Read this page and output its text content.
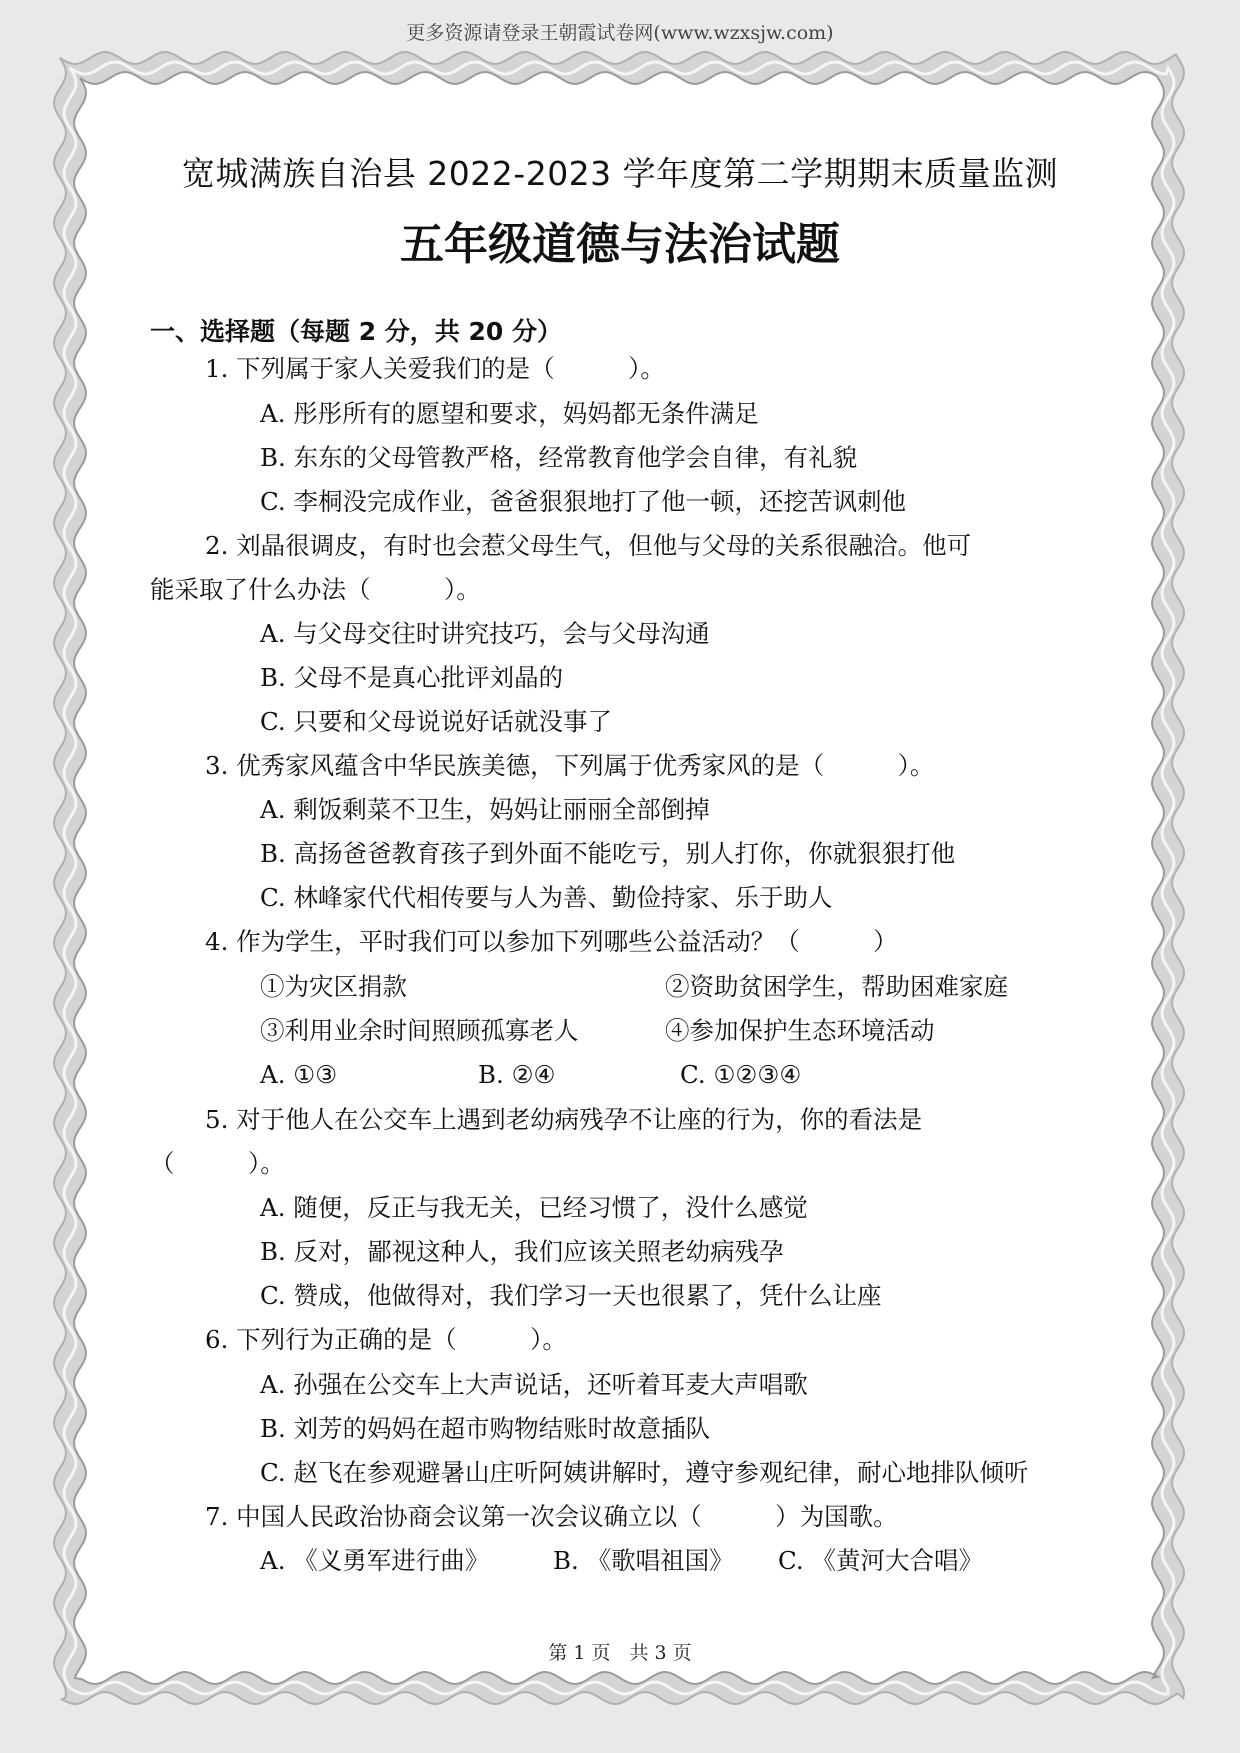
更多资源请登录王朝霞试卷网(www.wzxsjw.com)
宽城满族自治县 2022-2023 学年度第二学期期末质量监测
五年级道德与法治试题
一、选择题（每题 2 分，共 20 分）
1. 下列属于家人关爱我们的是（　　　）。
A. 彤彤所有的愿望和要求，妈妈都无条件满足
B. 东东的父母管教严格，经常教育他学会自律，有礼貌
C. 李桐没完成作业，爸爸狠狠地打了他一顿，还挖苦讽刺他
2. 刘晶很调皮，有时也会惹父母生气，但他与父母的关系很融洽。他可
能采取了什么办法（　　　）。
A. 与父母交往时讲究技巧，会与父母沟通
B. 父母不是真心批评刘晶的
C. 只要和父母说说好话就没事了
3. 优秀家风蕴含中华民族美德，下列属于优秀家风的是（　　　）。
A. 剩饭剩菜不卫生，妈妈让丽丽全部倒掉
B. 高扬爸爸教育孩子到外面不能吃亏，别人打你，你就狠狠打他
C. 林峰家代代相传要与人为善、勤俭持家、乐于助人
4. 作为学生，平时我们可以参加下列哪些公益活动？（　　　）
①为灾区捐款	②资助贫困学生，帮助困难家庭
③利用业余时间照顾孤寡老人	④参加保护生态环境活动
A. ①③	B. ②④	C. ①②③④
5. 对于他人在公交车上遇到老幼病残孕不让座的行为，你的看法是
（　　　）。
A. 随便，反正与我无关，已经习惯了，没什么感觉
B. 反对，鄙视这种人，我们应该关照老幼病残孕
C. 赞成，他做得对，我们学习一天也很累了，凭什么让座
6. 下列行为正确的是（　　　）。
A. 孙强在公交车上大声说话，还听着耳麦大声唱歌
B. 刘芳的妈妈在超市购物结账时故意插队
C. 赵飞在参观避暑山庄听阿姨讲解时，遵守参观纪律，耐心地排队倾听
7. 中国人民政治协商会议第一次会议确立以（　　　）为国歌。
A. 《义勇军进行曲》	B. 《歌唱祖国》 C. 《黄河大合唱》
第 1 页　共 3 页
